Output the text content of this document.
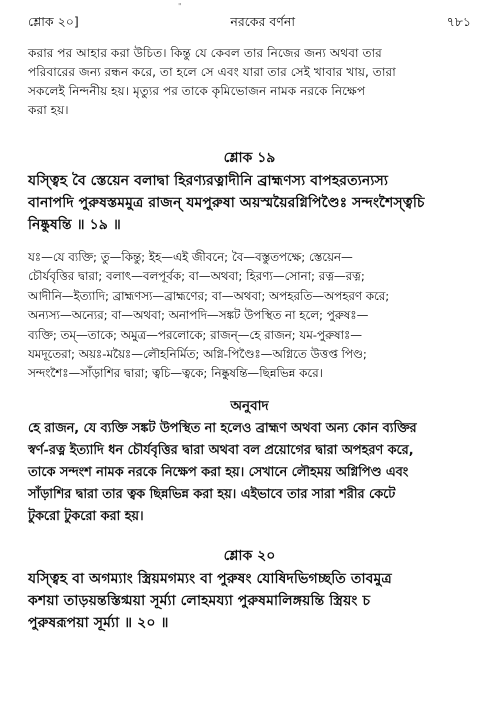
"
শ্লোক ২০]	নরকের বর্ণনা	৭৮১

করার পর আহার করা উচিত। কিন্তু যে কেবল তার নিজের জন্য অথবা তার

পরিবারের জন্য রন্ধন করে, তা হলে সে এবং যারা তার সেই খাবার খায়, তারা

সকলেই নিন্দনীয় হয়। মৃত্যুর পর তাকে কৃমিভোজন নামক নরকে নিক্ষেপ

করা হয়।

শ্লোক ১৯

যস্ত্বিহ বৈ স্তেয়েন বলাদ্বা হিরণ্যরত্নাদীনি ব্রাহ্মণস্য বাপহরত্যন্যস্য

বানাপদি পুরুষস্তমমুত্র রাজন্ যমপুরুষা অয়স্ময়ৈরগ্নিপিণ্ডৈঃ সন্দংশৈস্ত্বচি

নিষ্কুষন্তি ॥ ১৯ ॥

যঃ—যে ব্যক্তি; তু—কিন্তু; ইহ—এই জীবনে; বৈ—বস্তুতপক্ষে; স্তেয়েন—

চৌর্যবৃত্তির দ্বারা; বলাৎ—বলপূর্বক; বা—অথবা; হিরণ্য—সোনা; রত্ন—রত্ন;

আদীনি—ইত্যাদি; ব্রাহ্মণস্য—ব্রাহ্মণের; বা—অথবা; অপহরতি—অপহরণ করে;

অন্যস্য—অন্যের; বা—অথবা; অনাপদি—সঙ্কট উপস্থিত না হলে; পুরুষঃ—

ব্যক্তি; তম্—তাকে; অমুত্র—পরলোকে; রাজন্—হে রাজন; যম-পুরুষাঃ—

যমদূতেরা; অয়ঃ-ময়ৈঃ—লৌহনির্মিত; অগ্নি-পিণ্ডৈঃ—অগ্নিতে উত্তপ্ত পিণ্ড;

সন্দংশৈঃ—সাঁড়াশির দ্বারা; ত্বচি—ত্বকে; নিষ্কুষন্তি—ছিন্নভিন্ন করে।

অনুবাদ

হে রাজন, যে ব্যক্তি সঙ্কট উপস্থিত না হলেও ব্রাহ্মণ অথবা অন্য কোন ব্যক্তির

স্বর্ণ-রত্ন ইত্যাদি ধন চৌর্যবৃত্তির দ্বারা অথবা বল প্রয়োগের দ্বারা অপহরণ করে,

তাকে সন্দংশ নামক নরকে নিক্ষেপ করা হয়। সেখানে লৌহময় অগ্নিপিণ্ড এবং

সাঁড়াশির দ্বারা তার ত্বক ছিন্নভিন্ন করা হয়। এইভাবে তার সারা শরীর কেটে

টুকরো টুকরো করা হয়।

শ্লোক ২০

যস্ত্বিহ বা অগম্যাং স্ত্রিয়মগম্যং বা পুরুষং যোষিদভিগচ্ছতি তাবমুত্র

কশয়া তাড়য়ন্তস্তিগ্ময়া সূর্ম্যা লোহময্যা পুরুষমালিঙ্গয়ন্তি স্ত্রিয়ং চ

পুরুষরূপয়া সূর্ম্যা ॥ ২০ ॥
